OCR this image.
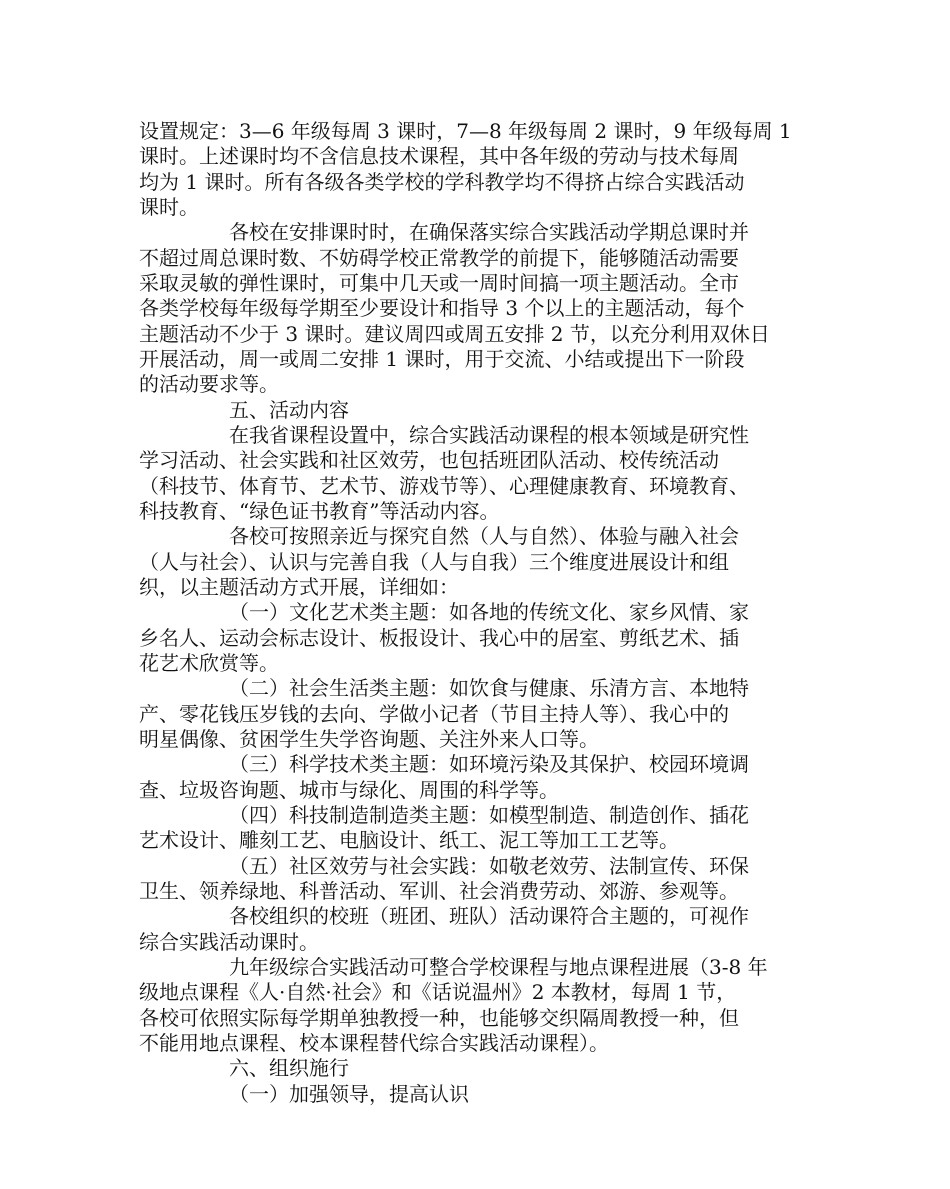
设置规定：3—6 年级每周 3 课时，7—8 年级每周 2 课时，9 年级每周 1
课时。上述课时均不含信息技术课程，其中各年级的劳动与技术每周
均为 1 课时。所有各级各类学校的学科教学均不得挤占综合实践活动
课时。
各校在安排课时时，在确保落实综合实践活动学期总课时并
不超过周总课时数、不妨碍学校正常教学的前提下，能够随活动需要
采取灵敏的弹性课时，可集中几天或一周时间搞一项主题活动。全市
各类学校每年级每学期至少要设计和指导 3 个以上的主题活动，每个
主题活动不少于 3 课时。建议周四或周五安排 2 节，以充分利用双休日
开展活动，周一或周二安排 1 课时，用于交流、小结或提出下一阶段
的活动要求等。
五、活动内容
在我省课程设置中，综合实践活动课程的根本领域是研究性
学习活动、社会实践和社区效劳，也包括班团队活动、校传统活动
（科技节、体育节、艺术节、游戏节等）、心理健康教育、环境教育、
科技教育、“绿色证书教育”等活动内容。
各校可按照亲近与探究自然（人与自然）、体验与融入社会
（人与社会）、认识与完善自我（人与自我）三个维度进展设计和组
织，以主题活动方式开展，详细如：
（一）文化艺术类主题：如各地的传统文化、家乡风情、家
乡名人、运动会标志设计、板报设计、我心中的居室、剪纸艺术、插
花艺术欣赏等。
（二）社会生活类主题：如饮食与健康、乐清方言、本地特
产、零花钱压岁钱的去向、学做小记者（节目主持人等）、我心中的
明星偶像、贫困学生失学咨询题、关注外来人口等。
（三）科学技术类主题：如环境污染及其保护、校园环境调
查、垃圾咨询题、城市与绿化、周围的科学等。
（四）科技制造制造类主题：如模型制造、制造创作、插花
艺术设计、雕刻工艺、电脑设计、纸工、泥工等加工工艺等。
（五）社区效劳与社会实践：如敬老效劳、法制宣传、环保
卫生、领养绿地、科普活动、军训、社会消费劳动、郊游、参观等。
各校组织的校班（班团、班队）活动课符合主题的，可视作
综合实践活动课时。
九年级综合实践活动可整合学校课程与地点课程进展（3-8 年
级地点课程《人·自然·社会》和《话说温州》2 本教材，每周 1 节，
各校可依照实际每学期单独教授一种，也能够交织隔周教授一种，但
不能用地点课程、校本课程替代综合实践活动课程）。
六、组织施行
（一）加强领导，提高认识
